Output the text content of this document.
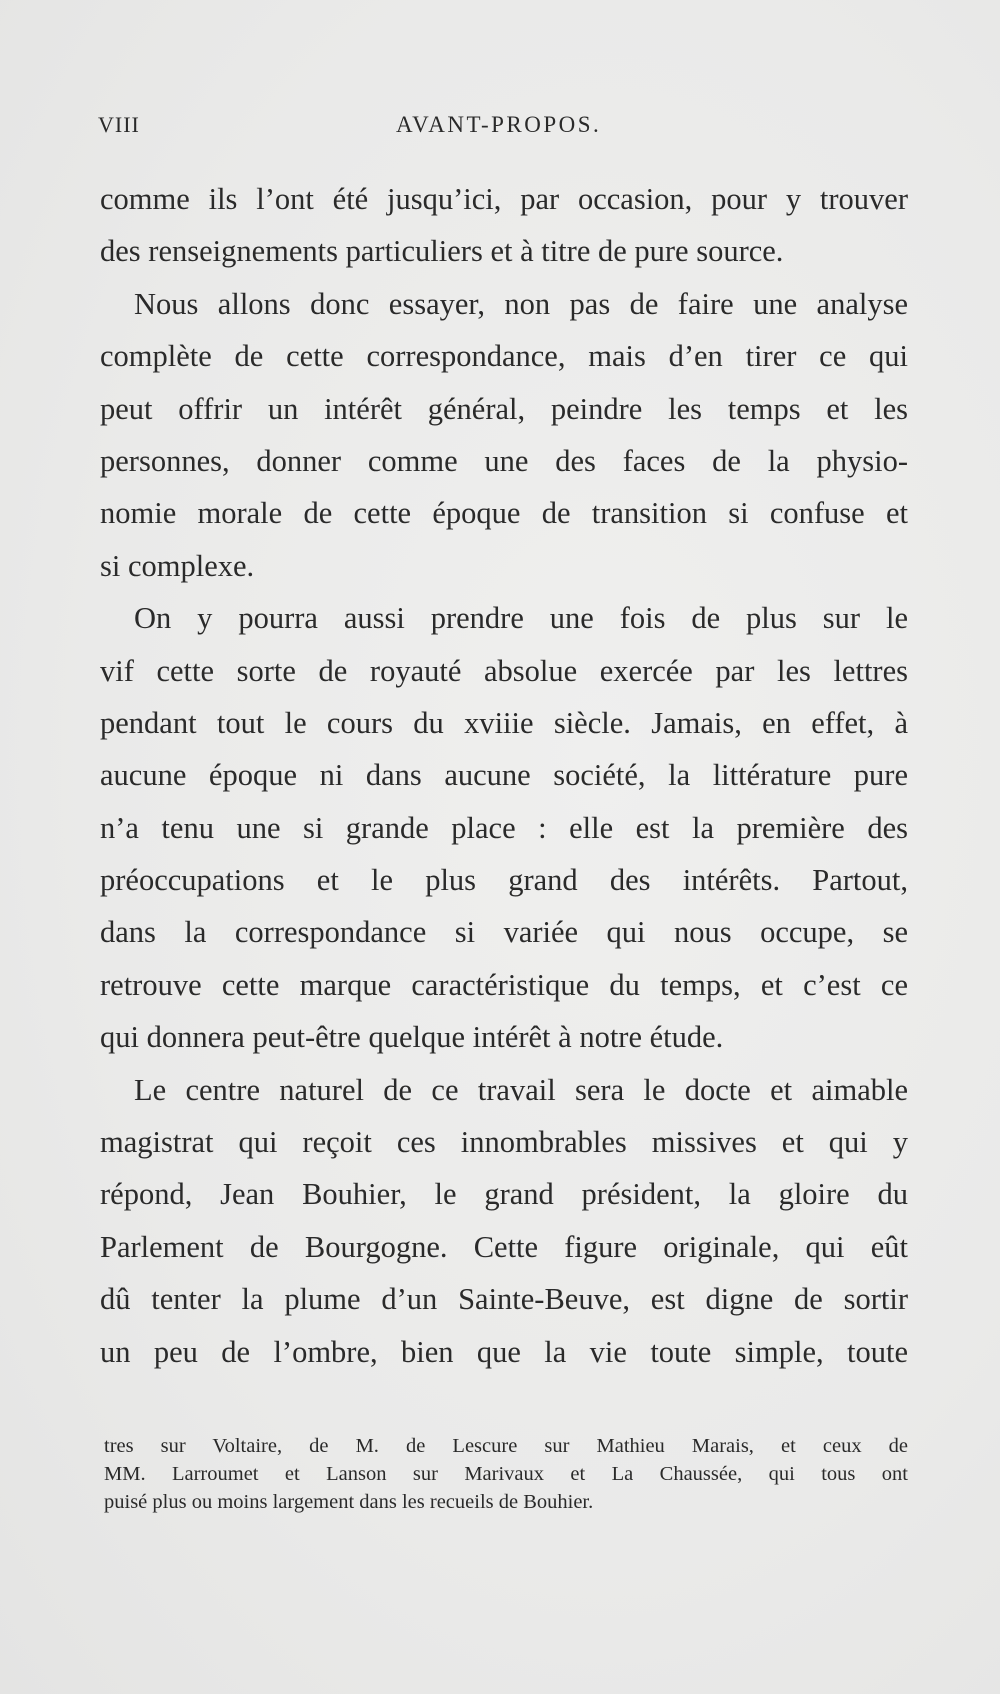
VIII	AVANT-PROPOS.
comme ils l’ont été jusqu’ici, par occasion, pour y trouver
des renseignements particuliers et à titre de pure source.
Nous allons donc essayer, non pas de faire une analyse
complète de cette correspondance, mais d’en tirer ce qui
peut offrir un intérêt général, peindre les temps et les
personnes, donner comme une des faces de la physio-
nomie morale de cette époque de transition si confuse et
si complexe.
On y pourra aussi prendre une fois de plus sur le
vif cette sorte de royauté absolue exercée par les lettres
pendant tout le cours du xviiie siècle. Jamais, en effet, à
aucune époque ni dans aucune société, la littérature pure
n’a tenu une si grande place : elle est la première des
préoccupations et le plus grand des intérêts. Partout,
dans la correspondance si variée qui nous occupe, se
retrouve cette marque caractéristique du temps, et c’est ce
qui donnera peut-être quelque intérêt à notre étude.
Le centre naturel de ce travail sera le docte et aimable
magistrat qui reçoit ces innombrables missives et qui y
répond, Jean Bouhier, le grand président, la gloire du
Parlement de Bourgogne. Cette figure originale, qui eût
dû tenter la plume d’un Sainte-Beuve, est digne de sortir
un peu de l’ombre, bien que la vie toute simple, toute
tres sur Voltaire, de M. de Lescure sur Mathieu Marais, et ceux de
MM. Larroumet et Lanson sur Marivaux et La Chaussée, qui tous ont
puisé plus ou moins largement dans les recueils de Bouhier.
